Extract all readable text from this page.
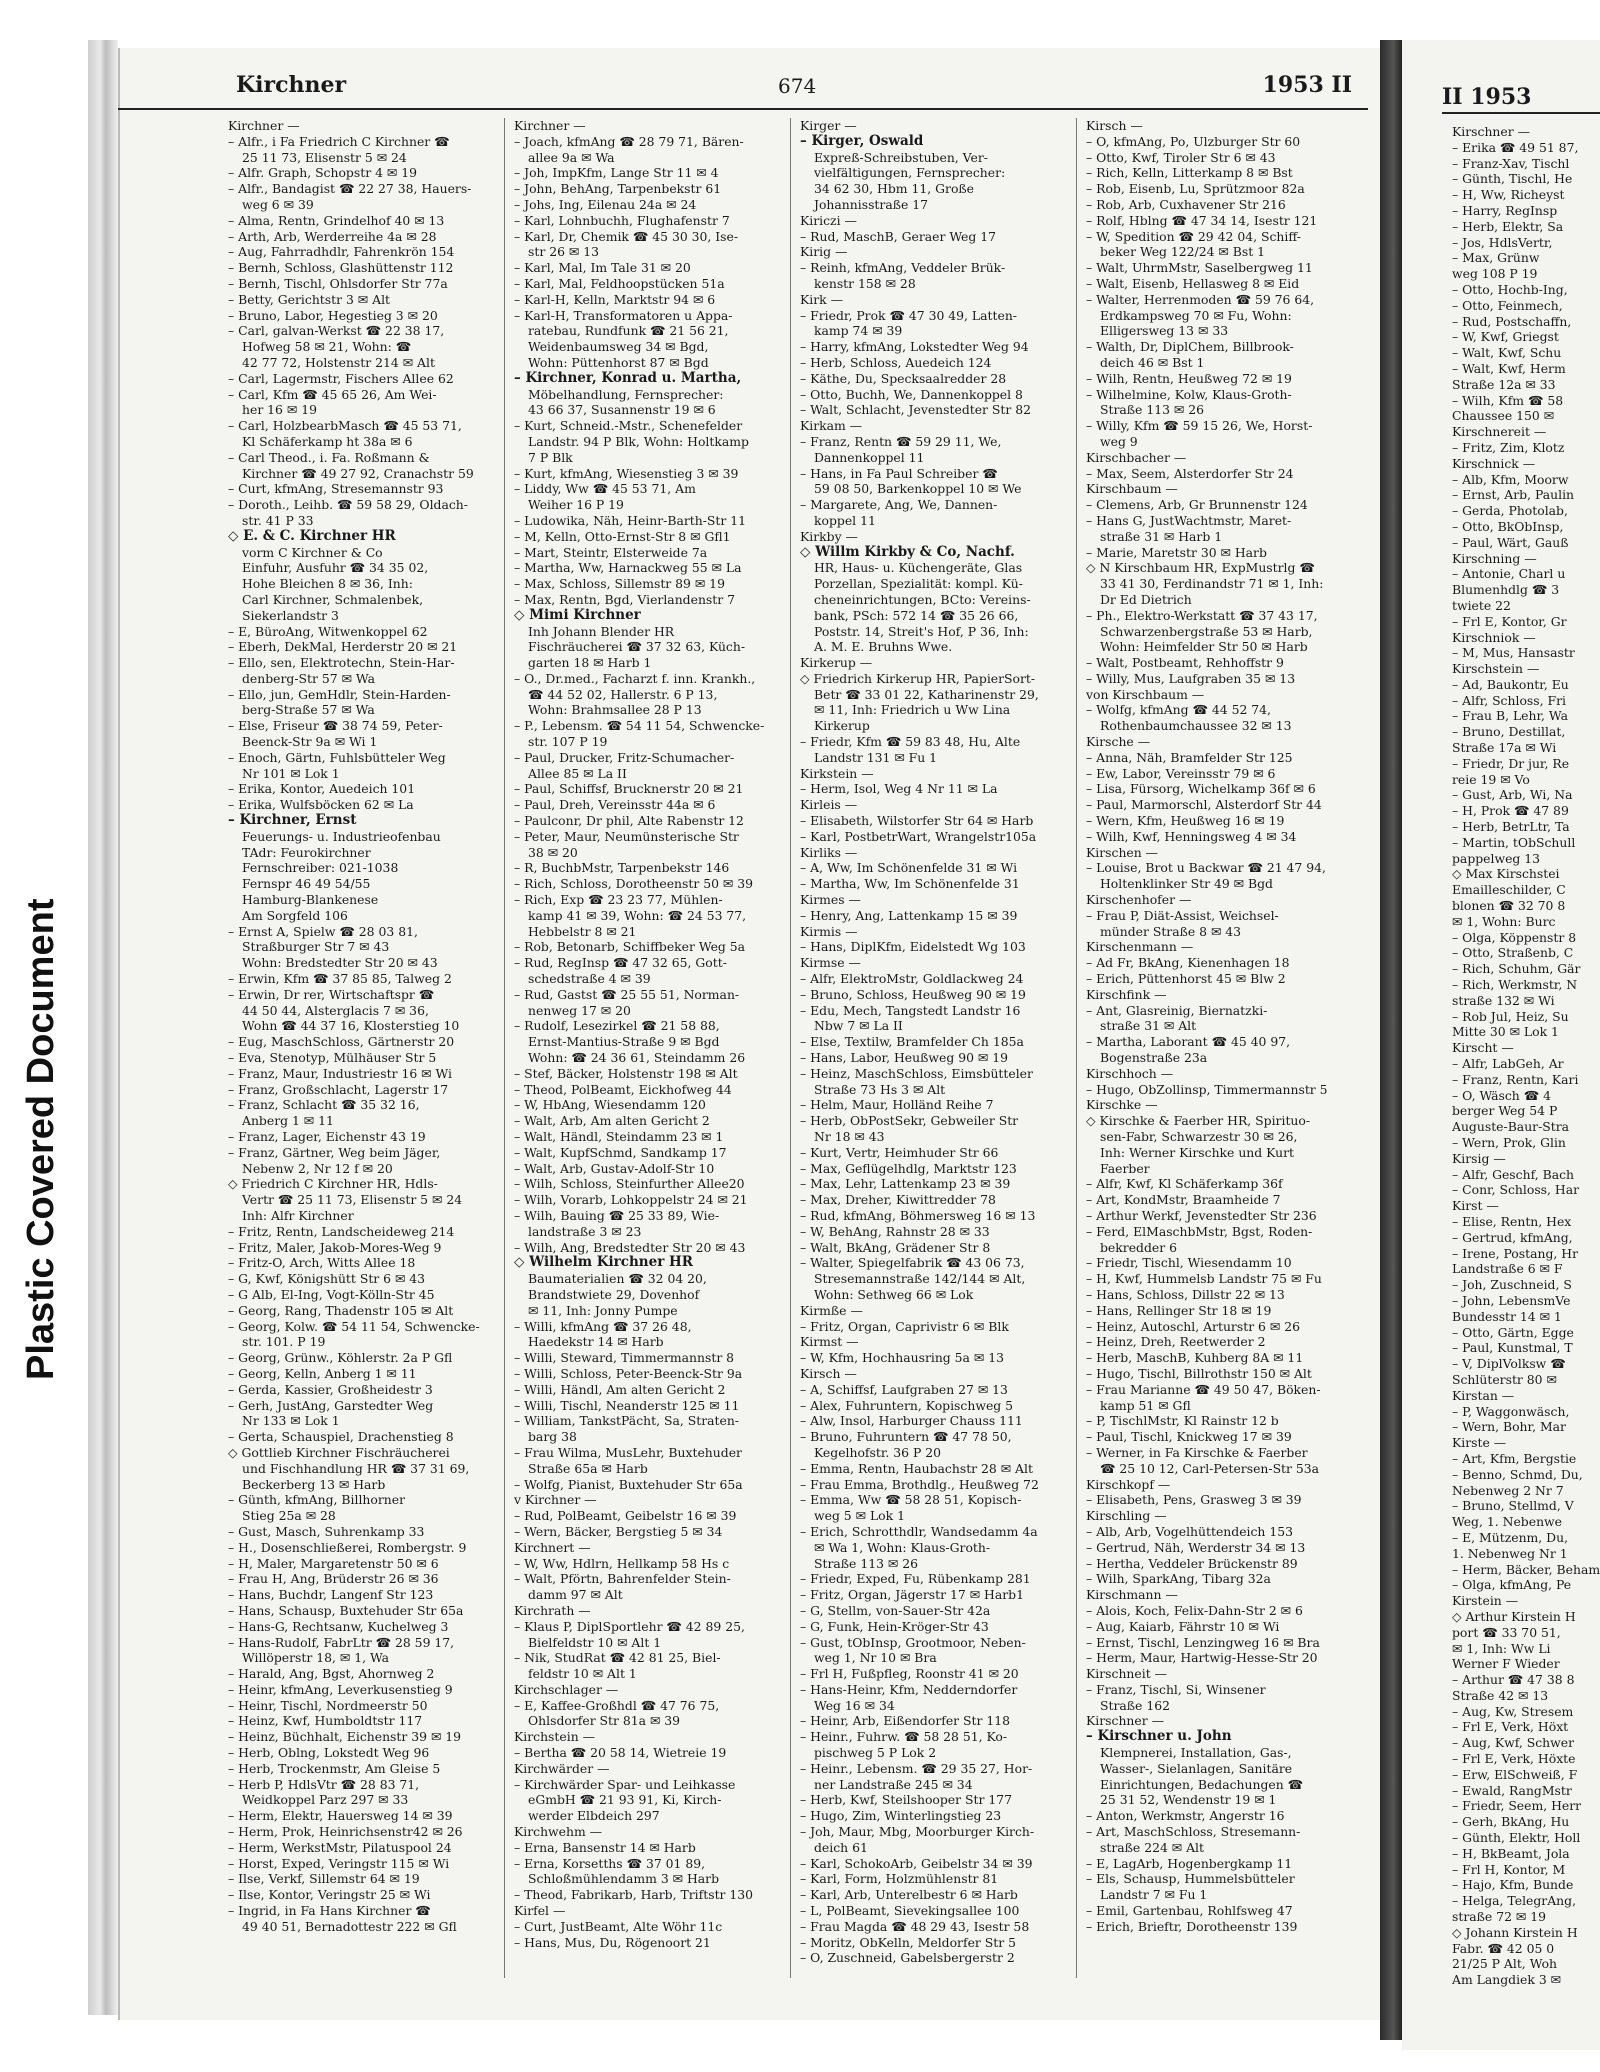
Plastic Covered Document
Kirchner	674	1953 II
Kirchner —
– Alfr., i Fa Friedrich C Kirchner ☎
25 11 73, Elisenstr 5 ✉ 24
– Alfr. Graph, Schopstr 4 ✉ 19
– Alfr., Bandagist ☎ 22 27 38, Hauers-
weg 6 ✉ 39
– Alma, Rentn, Grindelhof 40 ✉ 13
– Arth, Arb, Werderreihe 4a ✉ 28
– Aug, Fahrradhdlr, Fahrenkrön 154
– Bernh, Schloss, Glashüttenstr 112
– Bernh, Tischl, Ohlsdorfer Str 77a
– Betty, Gerichtstr 3 ✉ Alt
– Bruno, Labor, Hegestieg 3 ✉ 20
– Carl, galvan-Werkst ☎ 22 38 17,
Hofweg 58 ✉ 21, Wohn: ☎
42 77 72, Holstenstr 214 ✉ Alt
– Carl, Lagermstr, Fischers Allee 62
– Carl, Kfm ☎ 45 65 26, Am Wei-
her 16 ✉ 19
– Carl, HolzbearbMasch ☎ 45 53 71,
Kl Schäferkamp ht 38a ✉ 6
– Carl Theod., i. Fa. Roßmann &
Kirchner ☎ 49 27 92, Cranachstr 59
– Curt, kfmAng, Stresemannstr 93
– Doroth., Leihb. ☎ 59 58 29, Oldach-
str. 41 P 33
◇ E. & C. Kirchner HR
vorm C Kirchner & Co
Einfuhr, Ausfuhr ☎ 34 35 02,
Hohe Bleichen 8 ✉ 36, Inh:
Carl Kirchner, Schmalenbek,
Siekerlandstr 3
– E, BüroAng, Witwenkoppel 62
– Eberh, DekMal, Herderstr 20 ✉ 21
– Ello, sen, Elektrotechn, Stein-Har-
denberg-Str 57 ✉ Wa
– Ello, jun, GemHdlr, Stein-Harden-
berg-Straße 57 ✉ Wa
– Else, Friseur ☎ 38 74 59, Peter-
Beenck-Str 9a ✉ Wi 1
– Enoch, Gärtn, Fuhlsbütteler Weg
Nr 101 ✉ Lok 1
– Erika, Kontor, Auedeich 101
– Erika, Wulfsböcken 62 ✉ La
– Kirchner, Ernst
Feuerungs- u. Industrieofenbau
TAdr: Feurokirchner
Fernschreiber: 021-1038
Fernspr 46 49 54/55
Hamburg-Blankenese
Am Sorgfeld 106
– Ernst A, Spielw ☎ 28 03 81,
Straßburger Str 7 ✉ 43
Wohn: Bredstedter Str 20 ✉ 43
– Erwin, Kfm ☎ 37 85 85, Talweg 2
– Erwin, Dr rer, Wirtschaftspr ☎
44 50 44, Alsterglacis 7 ✉ 36,
Wohn ☎ 44 37 16, Klosterstieg 10
– Eug, MaschSchloss, Gärtnerstr 20
– Eva, Stenotyp, Mülhäuser Str 5
– Franz, Maur, Industriestr 16 ✉ Wi
– Franz, Großschlacht, Lagerstr 17
– Franz, Schlacht ☎ 35 32 16,
Anberg 1 ✉ 11
– Franz, Lager, Eichenstr 43 19
– Franz, Gärtner, Weg beim Jäger,
Nebenw 2, Nr 12 f ✉ 20
◇ Friedrich C Kirchner HR, Hdls-
Vertr ☎ 25 11 73, Elisenstr 5 ✉ 24
Inh: Alfr Kirchner
– Fritz, Rentn, Landscheideweg 214
– Fritz, Maler, Jakob-Mores-Weg 9
– Fritz-O, Arch, Witts Allee 18
– G, Kwf, Königshütt Str 6 ✉ 43
– G Alb, El-Ing, Vogt-Kölln-Str 45
– Georg, Rang, Thadenstr 105 ✉ Alt
– Georg, Kolw. ☎ 54 11 54, Schwencke-
str. 101. P 19
– Georg, Grünw., Köhlerstr. 2a P Gfl
– Georg, Kelln, Anberg 1 ✉ 11
– Gerda, Kassier, Großheidestr 3
– Gerh, JustAng, Garstedter Weg
Nr 133 ✉ Lok 1
– Gerta, Schauspiel, Drachenstieg 8
◇ Gottlieb Kirchner Fischräucherei
und Fischhandlung HR ☎ 37 31 69,
Beckerberg 13 ✉ Harb
– Günth, kfmAng, Billhorner
Stieg 25a ✉ 28
– Gust, Masch, Suhrenkamp 33
– H., Dosenschließerei, Rombergstr. 9
– H, Maler, Margaretenstr 50 ✉ 6
– Frau H, Ang, Brüderstr 26 ✉ 36
– Hans, Buchdr, Langenf Str 123
– Hans, Schausp, Buxtehuder Str 65a
– Hans-G, Rechtsanw, Kuchelweg 3
– Hans-Rudolf, FabrLtr ☎ 28 59 17,
Willöperstr 18, ✉ 1, Wa
– Harald, Ang, Bgst, Ahornweg 2
– Heinr, kfmAng, Leverkusenstieg 9
– Heinr, Tischl, Nordmeerstr 50
– Heinz, Kwf, Humboldtstr 117
– Heinz, Büchhalt, Eichenstr 39 ✉ 19
– Herb, Oblng, Lokstedt Weg 96
– Herb, Trockenmstr, Am Gleise 5
– Herb P, HdlsVtr ☎ 28 83 71,
Weidkoppel Parz 297 ✉ 33
– Herm, Elektr, Hauersweg 14 ✉ 39
– Herm, Prok, Heinrichsenstr42 ✉ 26
– Herm, WerkstMstr, Pilatuspool 24
– Horst, Exped, Veringstr 115 ✉ Wi
– Ilse, Verkf, Sillemstr 64 ✉ 19
– Ilse, Kontor, Veringstr 25 ✉ Wi
– Ingrid, in Fa Hans Kirchner ☎
49 40 51, Bernadottestr 222 ✉ Gfl
Kirchner —
– Joach, kfmAng ☎ 28 79 71, Bären-
allee 9a ✉ Wa
– Joh, ImpKfm, Lange Str 11 ✉ 4
– John, BehAng, Tarpenbekstr 61
– Johs, Ing, Eilenau 24a ✉ 24
– Karl, Lohnbuchh, Flughafenstr 7
– Karl, Dr, Chemik ☎ 45 30 30, Ise-
str 26 ✉ 13
– Karl, Mal, Im Tale 31 ✉ 20
– Karl, Mal, Feldhoopstücken 51a
– Karl-H, Kelln, Marktstr 94 ✉ 6
– Karl-H, Transformatoren u Appa-
ratebau, Rundfunk ☎ 21 56 21,
Weidenbaumsweg 34 ✉ Bgd,
Wohn: Püttenhorst 87 ✉ Bgd
– Kirchner, Konrad u. Martha,
Möbelhandlung, Fernsprecher:
43 66 37, Susannenstr 19 ✉ 6
– Kurt, Schneid.-Mstr., Schenefelder
Landstr. 94 P Blk, Wohn: Holtkamp
7 P Blk
– Kurt, kfmAng, Wiesenstieg 3 ✉ 39
– Liddy, Ww ☎ 45 53 71, Am
Weiher 16 P 19
– Ludowika, Näh, Heinr-Barth-Str 11
– M, Kelln, Otto-Ernst-Str 8 ✉ Gfl1
– Mart, Steintr, Elsterweide 7a
– Martha, Ww, Harnackweg 55 ✉ La
– Max, Schloss, Sillemstr 89 ✉ 19
– Max, Rentn, Bgd, Vierlandenstr 7
◇ Mimi Kirchner
Inh Johann Blender HR
Fischräucherei ☎ 37 32 63, Küch-
garten 18 ✉ Harb 1
– O., Dr.med., Facharzt f. inn. Krankh.,
☎ 44 52 02, Hallerstr. 6 P 13,
Wohn: Brahmsallee 28 P 13
– P., Lebensm. ☎ 54 11 54, Schwencke-
str. 107 P 19
– Paul, Drucker, Fritz-Schumacher-
Allee 85 ✉ La II
– Paul, Schiffsf, Brucknerstr 20 ✉ 21
– Paul, Dreh, Vereinsstr 44a ✉ 6
– Paulconr, Dr phil, Alte Rabenstr 12
– Peter, Maur, Neumünsterische Str
38 ✉ 20
– R, BuchbMstr, Tarpenbekstr 146
– Rich, Schloss, Dorotheenstr 50 ✉ 39
– Rich, Exp ☎ 23 23 77, Mühlen-
kamp 41 ✉ 39, Wohn: ☎ 24 53 77,
Hebbelstr 8 ✉ 21
– Rob, Betonarb, Schiffbeker Weg 5a
– Rud, RegInsp ☎ 47 32 65, Gott-
schedstraße 4 ✉ 39
– Rud, Gastst ☎ 25 55 51, Norman-
nenweg 17 ✉ 20
– Rudolf, Lesezirkel ☎ 21 58 88,
Ernst-Mantius-Straße 9 ✉ Bgd
Wohn: ☎ 24 36 61, Steindamm 26
– Stef, Bäcker, Holstenstr 198 ✉ Alt
– Theod, PolBeamt, Eickhofweg 44
– W, HbAng, Wiesendamm 120
– Walt, Arb, Am alten Gericht 2
– Walt, Händl, Steindamm 23 ✉ 1
– Walt, KupfSchmd, Sandkamp 17
– Walt, Arb, Gustav-Adolf-Str 10
– Wilh, Schloss, Steinfurther Allee20
– Wilh, Vorarb, Lohkoppelstr 24 ✉ 21
– Wilh, Bauing ☎ 25 33 89, Wie-
landstraße 3 ✉ 23
– Wilh, Ang, Bredstedter Str 20 ✉ 43
◇ Wilhelm Kirchner HR
Baumaterialien ☎ 32 04 20,
Brandstwiete 29, Dovenhof
✉ 11, Inh: Jonny Pumpe
– Willi, kfmAng ☎ 37 26 48,
Haedekstr 14 ✉ Harb
– Willi, Steward, Timmermannstr 8
– Willi, Schloss, Peter-Beenck-Str 9a
– Willi, Händl, Am alten Gericht 2
– Willi, Tischl, Neanderstr 125 ✉ 11
– William, TankstPächt, Sa, Straten-
barg 38
– Frau Wilma, MusLehr, Buxtehuder
Straße 65a ✉ Harb
– Wolfg, Pianist, Buxtehuder Str 65a
v Kirchner —
– Rud, PolBeamt, Geibelstr 16 ✉ 39
– Wern, Bäcker, Bergstieg 5 ✉ 34
Kirchnert —
– W, Ww, Hdlrn, Hellkamp 58 Hs c
– Walt, Pförtn, Bahrenfelder Stein-
damm 97 ✉ Alt
Kirchrath —
– Klaus P, DiplSportlehr ☎ 42 89 25,
Bielfeldstr 10 ✉ Alt 1
– Nik, StudRat ☎ 42 81 25, Biel-
feldstr 10 ✉ Alt 1
Kirchschlager —
– E, Kaffee-Großhdl ☎ 47 76 75,
Ohlsdorfer Str 81a ✉ 39
Kirchstein —
– Bertha ☎ 20 58 14, Wietreie 19
Kirchwärder —
– Kirchwärder Spar- und Leihkasse
eGmbH ☎ 21 93 91, Ki, Kirch-
werder Elbdeich 297
Kirchwehm —
– Erna, Bansenstr 14 ✉ Harb
– Erna, Korsetths ☎ 37 01 89,
Schloßmühlendamm 3 ✉ Harb
– Theod, Fabrikarb, Harb, Triftstr 130
Kirfel —
– Curt, JustBeamt, Alte Wöhr 11c
– Hans, Mus, Du, Rögenoort 21
Kirger —
– Kirger, Oswald
Expreß-Schreibstuben, Ver-
vielfältigungen, Fernsprecher:
34 62 30, Hbm 11, Große
Johannisstraße 17
Kiriczi —
– Rud, MaschB, Geraer Weg 17
Kirig —
– Reinh, kfmAng, Veddeler Brük-
kenstr 158 ✉ 28
Kirk —
– Friedr, Prok ☎ 47 30 49, Latten-
kamp 74 ✉ 39
– Harry, kfmAng, Lokstedter Weg 94
– Herb, Schloss, Auedeich 124
– Käthe, Du, Specksaalredder 28
– Otto, Buchh, We, Dannenkoppel 8
– Walt, Schlacht, Jevenstedter Str 82
Kirkam —
– Franz, Rentn ☎ 59 29 11, We,
Dannenkoppel 11
– Hans, in Fa Paul Schreiber ☎
59 08 50, Barkenkoppel 10 ✉ We
– Margarete, Ang, We, Dannen-
koppel 11
Kirkby —
◇ Willm Kirkby & Co, Nachf.
HR, Haus- u. Küchengeräte, Glas
Porzellan, Spezialität: kompl. Kü-
cheneinrichtungen, BCto: Vereins-
bank, PSch: 572 14 ☎ 35 26 66,
Poststr. 14, Streit's Hof, P 36, Inh:
A. M. E. Bruhns Wwe.
Kirkerup —
◇ Friedrich Kirkerup HR, PapierSort-
Betr ☎ 33 01 22, Katharinenstr 29,
✉ 11, Inh: Friedrich u Ww Lina
Kirkerup
– Friedr, Kfm ☎ 59 83 48, Hu, Alte
Landstr 131 ✉ Fu 1
Kirkstein —
– Herm, Isol, Weg 4 Nr 11 ✉ La
Kirleis —
– Elisabeth, Wilstorfer Str 64 ✉ Harb
– Karl, PostbetrWart, Wrangelstr105a
Kirliks —
– A, Ww, Im Schönenfelde 31 ✉ Wi
– Martha, Ww, Im Schönenfelde 31
Kirmes —
– Henry, Ang, Lattenkamp 15 ✉ 39
Kirmis —
– Hans, DiplKfm, Eidelstedt Wg 103
Kirmse —
– Alfr, ElektroMstr, Goldlackweg 24
– Bruno, Schloss, Heußweg 90 ✉ 19
– Edu, Mech, Tangstedt Landstr 16
Nbw 7 ✉ La II
– Else, Textilw, Bramfelder Ch 185a
– Hans, Labor, Heußweg 90 ✉ 19
– Heinz, MaschSchloss, Eimsbütteler
Straße 73 Hs 3 ✉ Alt
– Helm, Maur, Holländ Reihe 7
– Herb, ObPostSekr, Gebweiler Str
Nr 18 ✉ 43
– Kurt, Vertr, Heimhuder Str 66
– Max, Geflügelhdlg, Marktstr 123
– Max, Lehr, Lattenkamp 23 ✉ 39
– Max, Dreher, Kiwittredder 78
– Rud, kfmAng, Böhmersweg 16 ✉ 13
– W, BehAng, Rahnstr 28 ✉ 33
– Walt, BkAng, Grädener Str 8
– Walter, Spiegelfabrik ☎ 43 06 73,
Stresemannstraße 142/144 ✉ Alt,
Wohn: Sethweg 66 ✉ Lok
Kirmße —
– Fritz, Organ, Caprivistr 6 ✉ Blk
Kirmst —
– W, Kfm, Hochhausring 5a ✉ 13
Kirsch —
– A, Schiffsf, Laufgraben 27 ✉ 13
– Alex, Fuhruntern, Kopischweg 5
– Alw, Insol, Harburger Chauss 111
– Bruno, Fuhruntern ☎ 47 78 50,
Kegelhofstr. 36 P 20
– Emma, Rentn, Haubachstr 28 ✉ Alt
– Frau Emma, Brothdlg., Heußweg 72
– Emma, Ww ☎ 58 28 51, Kopisch-
weg 5 ✉ Lok 1
– Erich, Schrotthdlr, Wandsedamm 4a
✉ Wa 1, Wohn: Klaus-Groth-
Straße 113 ✉ 26
– Friedr, Exped, Fu, Rübenkamp 281
– Fritz, Organ, Jägerstr 17 ✉ Harb1
– G, Stellm, von-Sauer-Str 42a
– G, Funk, Hein-Kröger-Str 43
– Gust, tObInsp, Grootmoor, Neben-
weg 1, Nr 10 ✉ Bra
– Frl H, Fußpfleg, Roonstr 41 ✉ 20
– Hans-Heinr, Kfm, Nedderndorfer
Weg 16 ✉ 34
– Heinr, Arb, Eißendorfer Str 118
– Heinr., Fuhrw. ☎ 58 28 51, Ko-
pischweg 5 P Lok 2
– Heinr., Lebensm. ☎ 29 35 27, Hor-
ner Landstraße 245 ✉ 34
– Herb, Kwf, Steilshooper Str 177
– Hugo, Zim, Winterlingstieg 23
– Joh, Maur, Mbg, Moorburger Kirch-
deich 61
– Karl, SchokoArb, Geibelstr 34 ✉ 39
– Karl, Form, Holzmühlenstr 81
– Karl, Arb, Unterelbestr 6 ✉ Harb
– L, PolBeamt, Sievekingsallee 100
– Frau Magda ☎ 48 29 43, Isestr 58
– Moritz, ObKelln, Meldorfer Str 5
– O, Zuschneid, Gabelsbergerstr 2
Kirsch —
– O, kfmAng, Po, Ulzburger Str 60
– Otto, Kwf, Tiroler Str 6 ✉ 43
– Rich, Kelln, Litterkamp 8 ✉ Bst
– Rob, Eisenb, Lu, Sprützmoor 82a
– Rob, Arb, Cuxhavener Str 216
– Rolf, Hblng ☎ 47 34 14, Isestr 121
– W, Spedition ☎ 29 42 04, Schiff-
beker Weg 122/24 ✉ Bst 1
– Walt, UhrmMstr, Saselbergweg 11
– Walt, Eisenb, Hellasweg 8 ✉ Eid
– Walter, Herrenmoden ☎ 59 76 64,
Erdkampsweg 70 ✉ Fu, Wohn:
Elligersweg 13 ✉ 33
– Walth, Dr, DiplChem, Billbrook-
deich 46 ✉ Bst 1
– Wilh, Rentn, Heußweg 72 ✉ 19
– Wilhelmine, Kolw, Klaus-Groth-
Straße 113 ✉ 26
– Willy, Kfm ☎ 59 15 26, We, Horst-
weg 9
Kirschbacher —
– Max, Seem, Alsterdorfer Str 24
Kirschbaum —
– Clemens, Arb, Gr Brunnenstr 124
– Hans G, JustWachtmstr, Maret-
straße 31 ✉ Harb 1
– Marie, Maretstr 30 ✉ Harb
◇ N Kirschbaum HR, ExpMustrlg ☎
33 41 30, Ferdinandstr 71 ✉ 1, Inh:
Dr Ed Dietrich
– Ph., Elektro-Werkstatt ☎ 37 43 17,
Schwarzenbergstraße 53 ✉ Harb,
Wohn: Heimfelder Str 50 ✉ Harb
– Walt, Postbeamt, Rehhoffstr 9
– Willy, Mus, Laufgraben 35 ✉ 13
von Kirschbaum —
– Wolfg, kfmAng ☎ 44 52 74,
Rothenbaumchaussee 32 ✉ 13
Kirsche —
– Anna, Näh, Bramfelder Str 125
– Ew, Labor, Vereinsstr 79 ✉ 6
– Lisa, Fürsorg, Wichelkamp 36f ✉ 6
– Paul, Marmorschl, Alsterdorf Str 44
– Wern, Kfm, Heußweg 16 ✉ 19
– Wilh, Kwf, Henningsweg 4 ✉ 34
Kirschen —
– Louise, Brot u Backwar ☎ 21 47 94,
Holtenklinker Str 49 ✉ Bgd
Kirschenhofer —
– Frau P, Diät-Assist, Weichsel-
münder Straße 8 ✉ 43
Kirschenmann —
– Ad Fr, BkAng, Kienenhagen 18
– Erich, Püttenhorst 45 ✉ Blw 2
Kirschfink —
– Ant, Glasreinig, Biernatzki-
straße 31 ✉ Alt
– Martha, Laborant ☎ 45 40 97,
Bogenstraße 23a
Kirschhoch —
– Hugo, ObZollinsp, Timmermannstr 5
Kirschke —
◇ Kirschke & Faerber HR, Spirituo-
sen-Fabr, Schwarzestr 30 ✉ 26,
Inh: Werner Kirschke und Kurt
Faerber
– Alfr, Kwf, Kl Schäferkamp 36f
– Art, KondMstr, Braamheide 7
– Arthur Werkf, Jevenstedter Str 236
– Ferd, ElMaschbMstr, Bgst, Roden-
bekredder 6
– Friedr, Tischl, Wiesendamm 10
– H, Kwf, Hummelsb Landstr 75 ✉ Fu
– Hans, Schloss, Dillstr 22 ✉ 13
– Hans, Rellinger Str 18 ✉ 19
– Heinz, Autoschl, Arturstr 6 ✉ 26
– Heinz, Dreh, Reetwerder 2
– Herb, MaschB, Kuhberg 8A ✉ 11
– Hugo, Tischl, Billrothstr 150 ✉ Alt
– Frau Marianne ☎ 49 50 47, Böken-
kamp 51 ✉ Gfl
– P, TischlMstr, Kl Rainstr 12 b
– Paul, Tischl, Knickweg 17 ✉ 39
– Werner, in Fa Kirschke & Faerber
☎ 25 10 12, Carl-Petersen-Str 53a
Kirschkopf —
– Elisabeth, Pens, Grasweg 3 ✉ 39
Kirschling —
– Alb, Arb, Vogelhüttendeich 153
– Gertrud, Näh, Werderstr 34 ✉ 13
– Hertha, Veddeler Brückenstr 89
– Wilh, SparkAng, Tibarg 32a
Kirschmann —
– Alois, Koch, Felix-Dahn-Str 2 ✉ 6
– Aug, Kaiarb, Fährstr 10 ✉ Wi
– Ernst, Tischl, Lenzingweg 16 ✉ Bra
– Herm, Maur, Hartwig-Hesse-Str 20
Kirschneit —
– Franz, Tischl, Si, Winsener
Straße 162
Kirschner —
– Kirschner u. John
Klempnerei, Installation, Gas-,
Wasser-, Sielanlagen, Sanitäre
Einrichtungen, Bedachungen ☎
25 31 52, Wendenstr 19 ✉ 1
– Anton, Werkmstr, Angerstr 16
– Art, MaschSchloss, Stresemann-
straße 224 ✉ Alt
– E, LagArb, Hogenbergkamp 11
– Els, Schausp, Hummelsbütteler
Landstr 7 ✉ Fu 1
– Emil, Gartenbau, Rohlfsweg 47
– Erich, Brieftr, Dorotheenstr 139
II 1953
Kirschner —
– Erika ☎ 49 51 87,
– Franz-Xav, Tischl
– Günth, Tischl, He
– H, Ww, Richeyst
– Harry, RegInsp
– Herb, Elektr, Sa
– Jos, HdlsVertr,
– Max, Grünw
weg 108 P 19
– Otto, Hochb-Ing,
– Otto, Feinmech,
– Rud, Postschaffn,
– W, Kwf, Griegst
– Walt, Kwf, Schu
– Walt, Kwf, Herm
Straße 12a ✉ 33
– Wilh, Kfm ☎ 58
Chaussee 150 ✉
Kirschnereit —
– Fritz, Zim, Klotz
Kirschnick —
– Alb, Kfm, Moorw
– Ernst, Arb, Paulin
– Gerda, Photolab,
– Otto, BkObInsp,
– Paul, Wärt, Gauß
Kirschning —
– Antonie, Charl u
Blumenhdlg ☎ 3
twiete 22
– Frl E, Kontor, Gr
Kirschniok —
– M, Mus, Hansastr
Kirschstein —
– Ad, Baukontr, Eu
– Alfr, Schloss, Fri
– Frau B, Lehr, Wa
– Bruno, Destillat,
Straße 17a ✉ Wi
– Friedr, Dr jur, Re
reie 19 ✉ Vo
– Gust, Arb, Wi, Na
– H, Prok ☎ 47 89
– Herb, BetrLtr, Ta
– Martin, tObSchull
pappelweg 13
◇ Max Kirschstei
Emailleschilder, C
blonen ☎ 32 70 8
✉ 1, Wohn: Burc
– Olga, Köppenstr 8
– Otto, Straßenb, C
– Rich, Schuhm, Gär
– Rich, Werkmstr, N
straße 132 ✉ Wi
– Rob Jul, Heiz, Su
Mitte 30 ✉ Lok 1
Kirscht —
– Alfr, LabGeh, Ar
– Franz, Rentn, Kari
– O, Wäsch ☎ 4
berger Weg 54 P
Auguste-Baur-Stra
– Wern, Prok, Glin
Kirsig —
– Alfr, Geschf, Bach
– Conr, Schloss, Har
Kirst —
– Elise, Rentn, Hex
– Gertrud, kfmAng,
– Irene, Postang, Hr
Landstraße 6 ✉ F
– Joh, Zuschneid, S
– John, LebensmVe
Bundesstr 14 ✉ 1
– Otto, Gärtn, Egge
– Paul, Kunstmal, T
– V, DiplVolksw ☎
Schlüterstr 80 ✉
Kirstan —
– P, Waggonwäsch,
– Wern, Bohr, Mar
Kirste —
– Art, Kfm, Bergstie
– Benno, Schmd, Du,
Nebenweg 2 Nr 7
– Bruno, Stellmd, V
Weg, 1. Nebenwe
– E, Mützenm, Du,
1. Nebenweg Nr 1
– Herm, Bäcker, Beham
– Olga, kfmAng, Pe
Kirstein —
◇ Arthur Kirstein H
port ☎ 33 70 51,
✉ 1, Inh: Ww Li
Werner F Wieder
– Arthur ☎ 47 38 8
Straße 42 ✉ 13
– Aug, Kw, Stresem
– Frl E, Verk, Höxt
– Aug, Kwf, Schwer
– Frl E, Verk, Höxte
– Erw, ElSchweiß, F
– Ewald, RangMstr
– Friedr, Seem, Herr
– Gerh, BkAng, Hu
– Günth, Elektr, Holl
– H, BkBeamt, Jola
– Frl H, Kontor, M
– Hajo, Kfm, Bunde
– Helga, TelegrAng,
straße 72 ✉ 19
◇ Johann Kirstein H
Fabr. ☎ 42 05 0
21/25 P Alt, Woh
Am Langdiek 3 ✉
